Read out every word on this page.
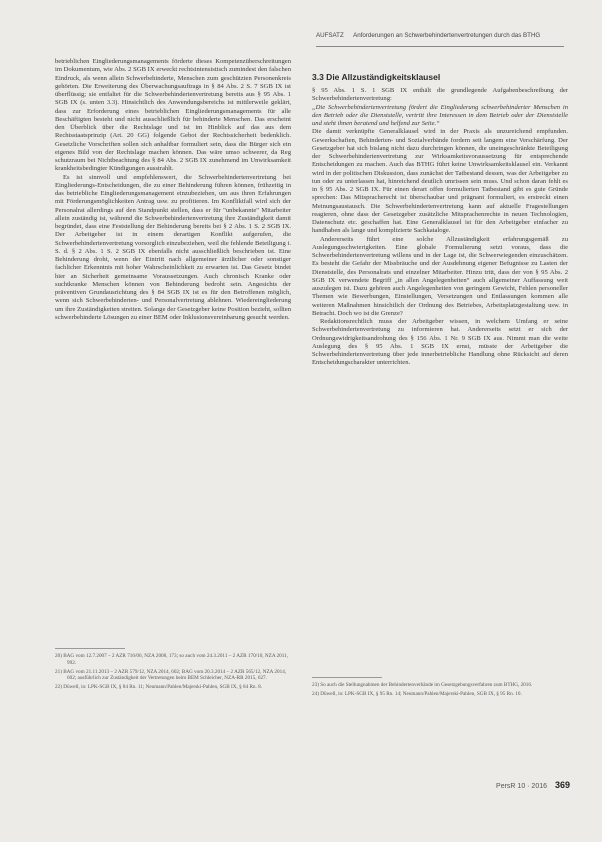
AUFSATZ Anforderungen an Schwerbehindertenvertretungen durch das BTHG

betrieblichen Eingliederungsmanagements förderte dieses Kompetenzüberschreitungen im Dokumentum, wie Abs. 2 SGB IX erweckt rechtsintensistisch zumindest den falschen Eindruck, als wenn allein Schwerbehinderte, Menschen zum geschützten Personenkreis gehörten. Die Erweiterung des Überwachungsauftrags in § 84 Abs. 2 S. 7 SGB IX ist überflüssig; sie entfaltet für die Schwerbehindertenvertretung bereits aus § 95 Abs. 1 SGB IX (s. unten 3.3). Hinsichtlich des Anwendungsbereichs ist mittlerweile geklärt, dass zur Erforderung eines betrieblichen Eingliederungsmanagements für alle Beschäftigten besteht und nicht ausschließlich für behinderte Menschen. Das erscheint den Überblick über die Rechtslage und ist im Hinblick auf das aus dem Rechtsstaatsprinzip (Art. 20 GG) folgende Gebot der Rechtssicherheit bedenklich. Gesetzliche Vorschriften sollen sich anhaltbar formuliert sein, dass die Bürger sich ein eigenes Bild von der Rechtslage machen können. Das wäre umso schwerer, da Reg schutzraum bei Nichtbeachtung des § 84 Abs. 2 SGB IX zunehmend im Unwirksamkeit krankheitsbedingter Kündigungen ausstrahlt.

Es ist sinnvoll und empfehlenswert, die Schwerbehindertenvertretung bei Eingliederungs-Entscheidungen, die zu einer Behinderung führen können, frühzeitig in das betriebliche Eingliederungsmanagement einzubeziehen, um aus ihren Erfahrungen mit Förderungsmöglichkeiten Antrag usw. zu profitieren. Im Konfliktfall wird sich der Personalrat allerdings auf den Standpunkt stellen, dass er für "unbekannte" Mitarbeiter allein zuständig ist, während die Schwerbehindertenvertretung ihre Zuständigkeit damit begründet, dass eine Feststellung der Behinderung bereits bei § 2 Abs. 1 S. 2 SGB IX. Der Arbeitgeber ist in einem derartigen Konflikt aufgerufen, die Schwerbehindertenvertretung vorsorglich einzubeziehen, weil die fehlende Beteiligung i. S. d. § 2 Abs. 1 S. 2 SGB IX ebenfalls nicht ausschließlich beschrieben ist. Eine Behinderung droht, wenn der Eintritt nach allgemeiner ärztlicher oder sonstiger fachlicher Erkenntnis mit hoher Wahrscheinlichkeit zu erwarten ist. Das Gesetz bindet hier an Sicherheit gemeinsame Voraussetzungen. Auch chronisch Kranke oder suchtkranke Menschen können von Behinderung bedroht sein. Angesichts der präventiven Grundausrichtung des § 84 SGB IX ist es für den Betroffenen möglich, wenn sich Schwerbehinderten- und Personalvertretung ablehnen. Wiedereingliederung um ihre Zuständigkeiten streiten. Solange der Gesetzgeber keine Position bezieht, sollten schwerbehinderte Lösungen zu einer BEM oder Inklusionsvereinbarung gesucht werden.

3.3 Die Allzuständigkeitsklausel

§ 95 Abs. 1 S. 1 SGB IX enthält die grundlegende Aufgabenbeschreibung der Schwerbehindertenvertretung:

„Die Schwerbehindertenvertretung fördert die Eingliederung schwerbehinderter Menschen in den Betrieb oder die Dienststelle, vertritt ihre Interessen in dem Betrieb oder der Dienststelle und steht ihnen beratend und helfend zur Seite.“

Die damit verknüpfte Generalklausel wird in der Praxis als unzureichend empfunden. Gewerkschaften, Behinderten- und Sozialverbände fordern seit langem eine Verschärfung. Der Gesetzgeber hat sich bislang nicht dazu durchringen können, die uneingeschränkte Beteiligung der Schwerbehindertenvertretung zur Wirksamkeitsvoraussetzung für entsprechende Entscheidungen zu machen. Auch das BTHG führt keine Unwirksamkeitsklausel ein. Verkannt wird in der politischen Diskussion, dass zunächst der Tatbestand dessen, was der Arbeitgeber zu tun oder zu unterlassen hat, hinreichend deutlich umrissen sein muss. Und schon daran fehlt es in § 95 Abs. 2 SGB IX. Für einen derart offen formulierten Tatbestand gibt es gute Gründe sprechen: Das Mitspracherecht ist überschaubar und prägnant formuliert, es erstreckt einen Meinungsaustausch. Die Schwerbehindertenvertretung kann auf aktuelle Fragestellungen reagieren, ohne dass der Gesetzgeber zusätzliche Mitsprachenrechte in neuen Technologien, Datenschutz etc. geschaffen hat. Eine Generalklausel ist für den Arbeitgeber einfacher zu handhaben als lange und komplizierte Sachkataloge.

Andererseits führt eine solche Allzuständigkeit erfahrungsgemäß zu Auslegungsschwierigkeiten. Eine globale Formulierung setzt voraus, dass die Schwerbehindertenvertretung willens und in der Lage ist, die Schwerwiegenden einzuschätzen. Es besteht die Gefahr der Missbräuche und der Ausdehnung eigener Befugnisse zu Lasten der Dienststelle, des Personalrats und einzelner Mitarbeiter. Hinzu tritt, dass der von § 95 Abs. 2 SGB IX verwendete Begriff „in allen Angelegenheiten“ auch allgemeiner Auffassung weit auszulegen ist. Dazu gehören auch Angelegenheiten von geringem Gewicht, Fehlen personeller Themen wie Bewerbungen, Einstellungen, Versetzungen und Entlassungen kommen alle weiteren Maßnahmen hinsichtlich der Ordnung des Betriebes, Arbeitsplatzgestaltung usw. in Betracht. Doch wo ist die Grenze?

Redaktionsrechtlich muss der Arbeitgeber wissen, in welchem Umfang er seine Schwerbehindertenvertretung zu informieren hat. Andererseits setzt er sich der Ordnungswidrigkeitsandrohung des § 156 Abs. 1 Nr. 9 SGB IX aus. Nimmt man die weite Auslegung des § 95 Abs. 1 SGB IX ernst, müsste der Arbeitgeber die Schwerbehindertenvertretung über jede innerbetriebliche Handlung ohne Rücksicht auf deren Entscheidungscharakter unterrichten.

20) BAG vom 12.7.2007 – 2 AZR 716/06, NZA 2008, 173; so auch vom 24.3.2011 – 2 AZR 170/10, NZA 2011, 992.

21) BAG vom 21.11.2013 – 2 AZR 579/12, NZA 2014, 602; BAG vom 20.3.2014 – 2 AZR 565/12, NZA 2014, 602; ausführlich zur Zuständigkeit der Vertretungen beim BEM Schleicher, NZA-RR 2015, 627.

22) Düwell, in: LPK-SGB IX, § 84 Rn. 11; Neumann/Pahlen/Majerski-Pahlen, SGB IX, § 84 Rn. 8.	23) So auch die Stellungnahmen der Behindertenverbände im Gesetzgebungsverfahren zum BTHG, 2016.

24) Düwell, in: LPK-SGB IX, § 95 Rn. 14; Neumann/Pahlen/Majerski-Pahlen, SGB IX, § 95 Rn. 10.

PersR 10 · 2016 369
